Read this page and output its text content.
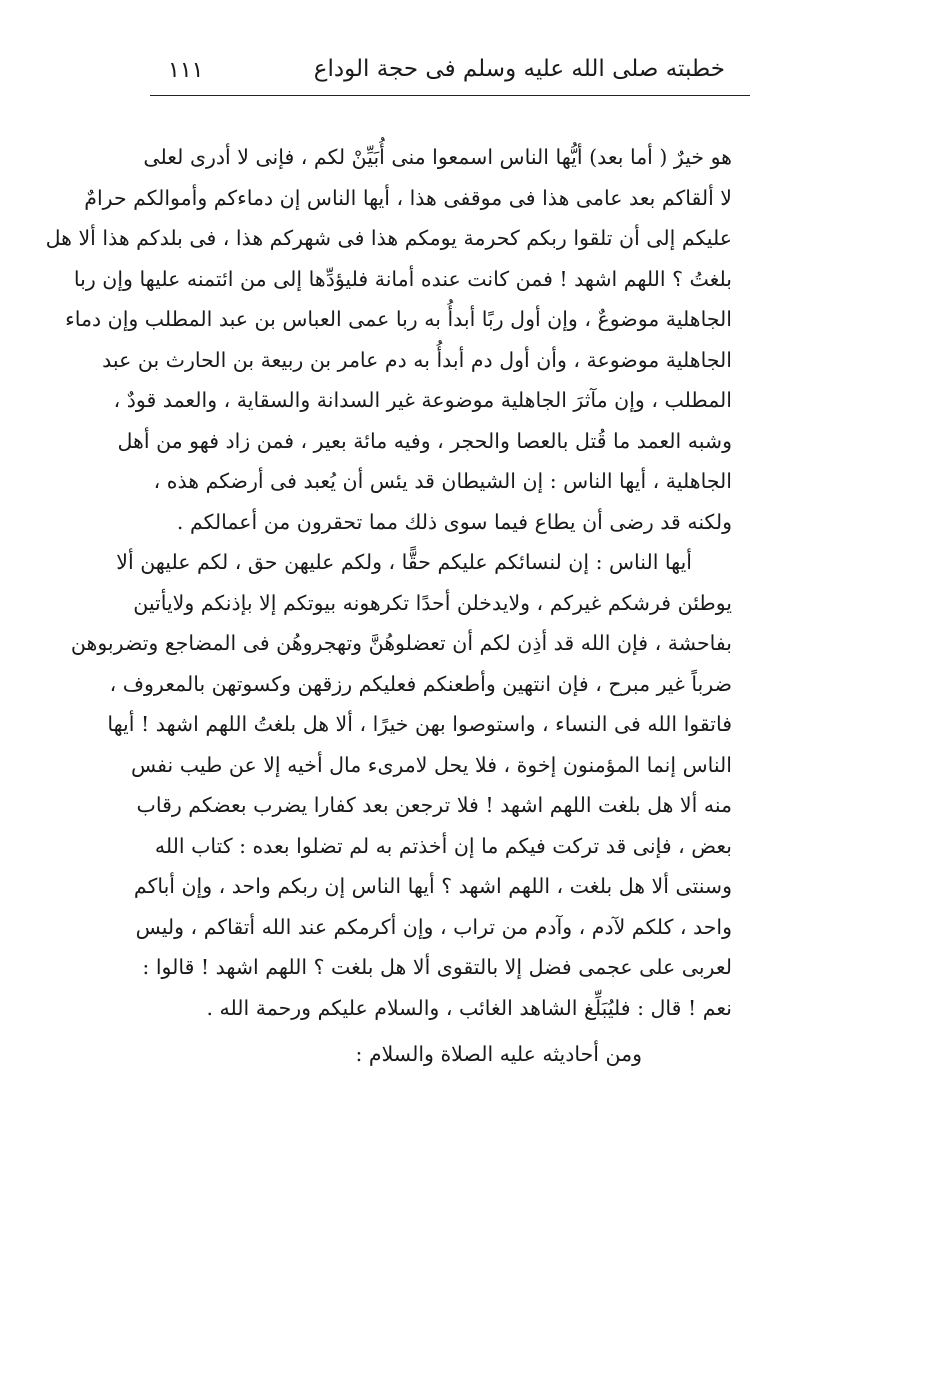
خطبته صلى الله عليه وسلم فى حجة الوداع
١١١
هو خيرٌ ( أما بعد) أيُّها الناس اسمعوا منى أُبَيِّنْ لكم ، فإنى لا أدرى لعلى
لا ألقاكم بعد عامى هذا فى موقفى هذا ، أيها الناس إن دماءكم وأموالكم حرامٌ
عليكم إلى أن تلقوا ربكم كحرمة يومكم هذا فى شهركم هذا ، فى بلدكم هذا ألا هل
بلغتُ ؟ اللهم اشهد ! فمن كانت عنده أمانة فليؤدِّها إلى من ائتمنه عليها وإن ربا
الجاهلية موضوعٌ ، وإن أول ربًا أبدأُ به ربا عمى العباس بن عبد المطلب وإن دماء
الجاهلية موضوعة ، وأن أول دم أبدأُ به دم عامر بن ربيعة بن الحارث بن عبد
المطلب ، وإن مآثرَ الجاهلية موضوعة غير السدانة والسقاية ، والعمد قودٌ ،
وشبه العمد ما قُتل بالعصا والحجر ، وفيه مائة بعير ، فمن زاد فهو من أهل
الجاهلية ، أيها الناس : إن الشيطان قد يئس أن يُعبد فى أرضكم هذه ،
ولكنه قد رضى أن يطاع فيما سوى ذلك مما تحقرون من أعمالكم .
أيها الناس : إن لنسائكم عليكم حقًّا ، ولكم عليهن حق ، لكم عليهن ألا
يوطئن فرشكم غيركم ، ولايدخلن أحدًا تكرهونه بيوتكم إلا بإذنكم ولايأتين
بفاحشة ، فإن الله قد أذِن لكم أن تعضلوهُنَّ وتهجروهُن فى المضاجع وتضربوهن
ضرباً غير مبرح ، فإن انتهين وأطعنكم فعليكم رزقهن وكسوتهن بالمعروف ،
فاتقوا الله فى النساء ، واستوصوا بهن خيرًا ، ألا هل بلغتُ اللهم اشهد ! أيها
الناس إنما المؤمنون إخوة ، فلا يحل لامرىء مال أخيه إلا عن طيب نفس
منه ألا هل بلغت اللهم اشهد ! فلا ترجعن بعد كفارا يضرب بعضكم رقاب
بعض ، فإنى قد تركت فيكم ما إن أخذتم به لم تضلوا بعده : كتاب الله
وسنتى ألا هل بلغت ، اللهم اشهد ؟ أيها الناس إن ربكم واحد ، وإن أباكم
واحد ، كلكم لآدم ، وآدم من تراب ، وإن أكرمكم عند الله أتقاكم ، وليس
لعربى على عجمى فضل إلا بالتقوى ألا هل بلغت ؟ اللهم اشهد ! قالوا :
نعم ! قال : فليُبَلِّغ الشاهد الغائب ، والسلام عليكم ورحمة الله .
ومن أحاديثه عليه الصلاة والسلام :
